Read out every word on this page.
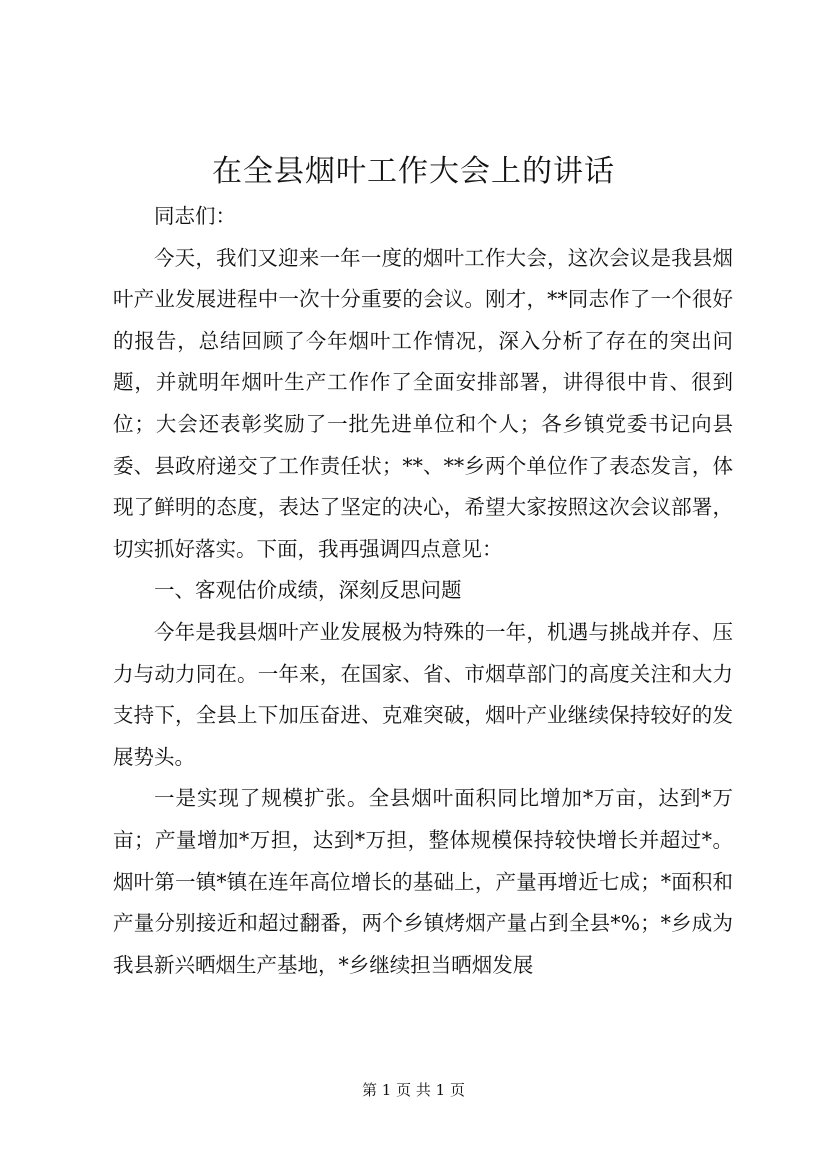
在全县烟叶工作大会上的讲话

同志们：

今天，我们又迎来一年一度的烟叶工作大会，这次会议是我县烟叶产业发展进程中一次十分重要的会议。刚才，**同志作了一个很好的报告，总结回顾了今年烟叶工作情况，深入分析了存在的突出问题，并就明年烟叶生产工作作了全面安排部署，讲得很中肯、很到位；大会还表彰奖励了一批先进单位和个人；各乡镇党委书记向县委、县政府递交了工作责任状；**、**乡两个单位作了表态发言，体现了鲜明的态度，表达了坚定的决心，希望大家按照这次会议部署，切实抓好落实。下面，我再强调四点意见：

一、客观估价成绩，深刻反思问题

今年是我县烟叶产业发展极为特殊的一年，机遇与挑战并存、压力与动力同在。一年来，在国家、省、市烟草部门的高度关注和大力支持下，全县上下加压奋进、克难突破，烟叶产业继续保持较好的发展势头。

一是实现了规模扩张。全县烟叶面积同比增加*万亩，达到*万亩；产量增加*万担，达到*万担，整体规模保持较快增长并超过*。烟叶第一镇*镇在连年高位增长的基础上，产量再增近七成；*面积和产量分别接近和超过翻番，两个乡镇烤烟产量占到全县*%；*乡成为我县新兴晒烟生产基地，*乡继续担当晒烟发展

第 1 页 共 1 页
